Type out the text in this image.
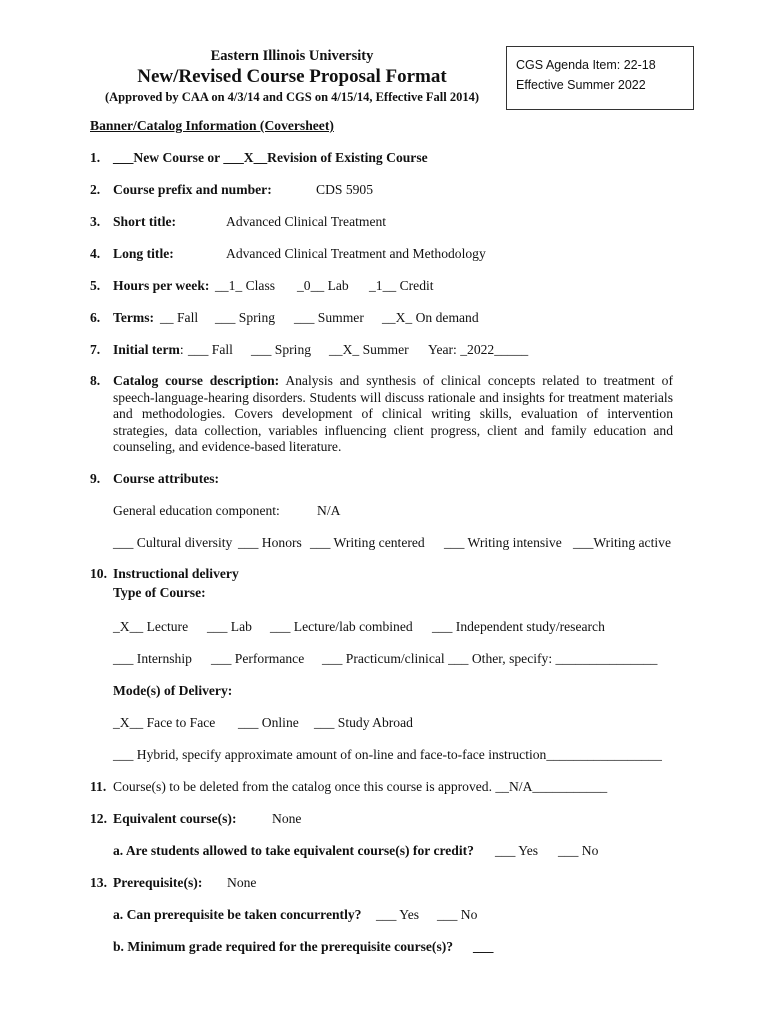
Eastern Illinois University
New/Revised Course Proposal Format
(Approved by CAA on 4/3/14 and CGS on 4/15/14, Effective Fall 2014)
CGS Agenda Item: 22-18
Effective Summer 2022
Banner/Catalog Information (Coversheet)
1. ___New Course or ___X__Revision of Existing Course
2. Course prefix and number:	CDS 5905
3. Short title:	Advanced Clinical Treatment
4. Long title:	Advanced Clinical Treatment and Methodology
5. Hours per week: __1_ Class _0__ Lab _1__ Credit
6. Terms: __ Fall ___ Spring ___ Summer __X_ On demand
7. Initial term: ___ Fall ___ Spring __X_ Summer Year: _2022_____
8. Catalog course description: Analysis and synthesis of clinical concepts related to treatment of speech-language-hearing disorders. Students will discuss rationale and insights for treatment materials and methodologies. Covers development of clinical writing skills, evaluation of intervention strategies, data collection, variables influencing client progress, client and family education and counseling, and evidence-based literature.
9. Course attributes:
General education component:	N/A
___ Cultural diversity ___ Honors ___ Writing centered ___ Writing intensive ___Writing active
10. Instructional delivery
Type of Course:
_X__ Lecture ___ Lab ___ Lecture/lab combined ___ Independent study/research
___ Internship ___ Performance ___ Practicum/clinical ___ Other, specify: _______________
Mode(s) of Delivery:
_X__ Face to Face ___ Online ___ Study Abroad
___ Hybrid, specify approximate amount of on-line and face-to-face instruction_________________
11. Course(s) to be deleted from the catalog once this course is approved. __N/A___________
12. Equivalent course(s):	None
a. Are students allowed to take equivalent course(s) for credit? ___ Yes ___ No
13. Prerequisite(s): None
a. Can prerequisite be taken concurrently? ___ Yes ___ No
b. Minimum grade required for the prerequisite course(s)? ___
